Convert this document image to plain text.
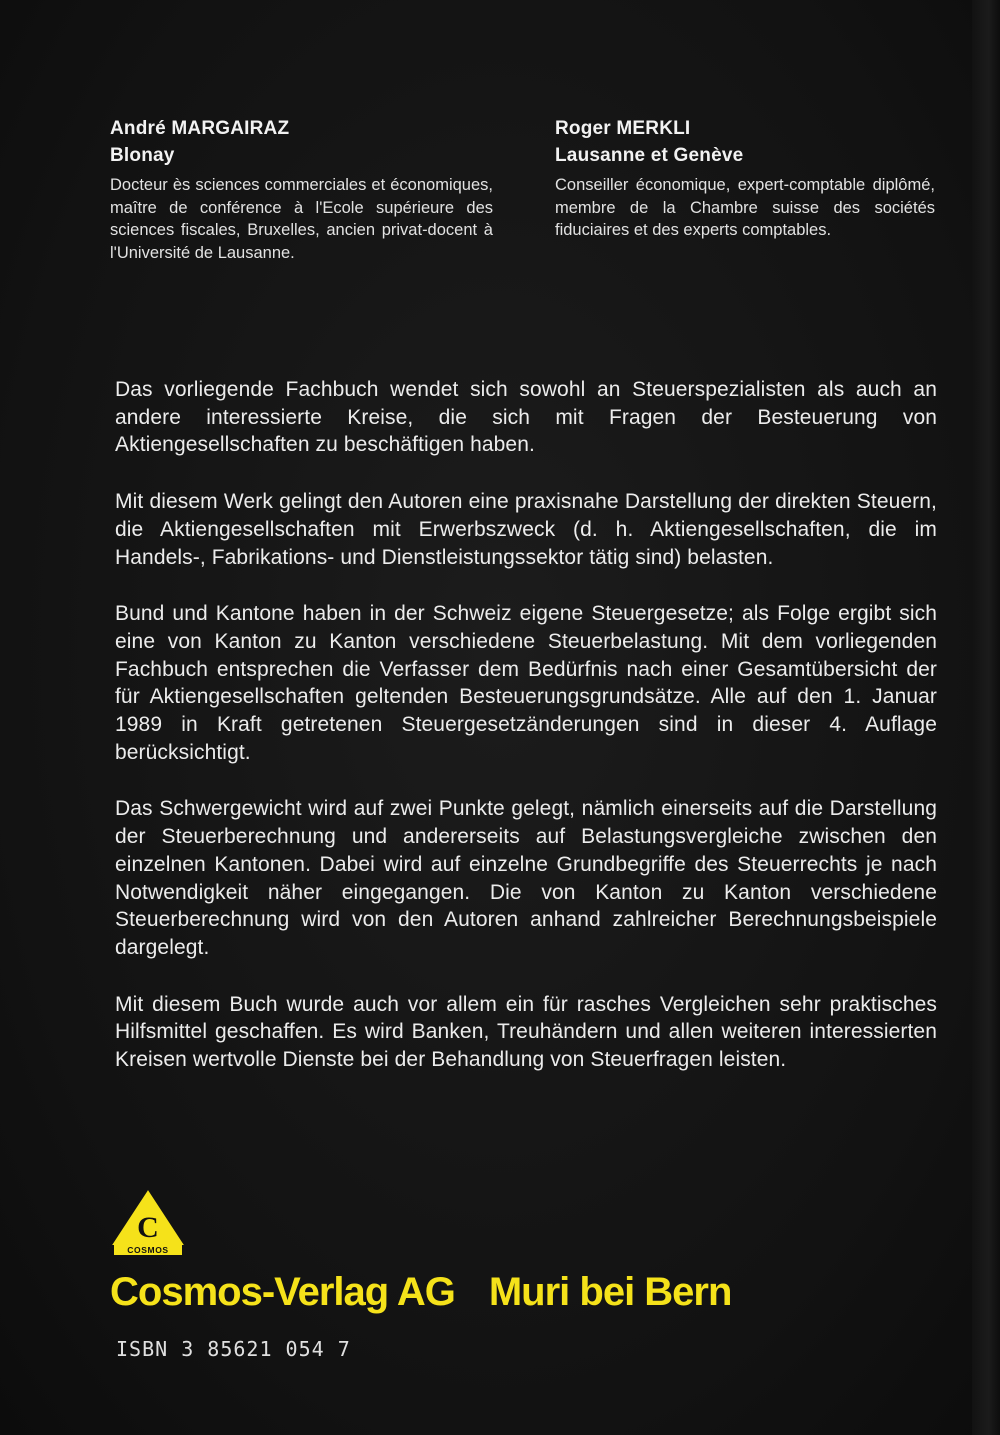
André MARGAIRAZ
Blonay
Docteur ès sciences commerciales et économiques, maître de conférence à l'Ecole supérieure des sciences fiscales, Bruxelles, ancien privat-docent à l'Université de Lausanne.
Roger MERKLI
Lausanne et Genève
Conseiller économique, expert-comptable diplômé, membre de la Chambre suisse des sociétés fiduciaires et des experts comptables.

Das vorliegende Fachbuch wendet sich sowohl an Steuerspezialisten als auch an andere interessierte Kreise, die sich mit Fragen der Besteuerung von Aktiengesellschaften zu beschäftigen haben.

Mit diesem Werk gelingt den Autoren eine praxisnahe Darstellung der direkten Steuern, die Aktiengesellschaften mit Erwerbszweck (d. h. Aktiengesellschaften, die im Handels-, Fabrikations- und Dienstleistungssektor tätig sind) belasten.

Bund und Kantone haben in der Schweiz eigene Steuergesetze; als Folge ergibt sich eine von Kanton zu Kanton verschiedene Steuerbelastung. Mit dem vorliegenden Fachbuch entsprechen die Verfasser dem Bedürfnis nach einer Gesamtübersicht der für Aktiengesellschaften geltenden Besteuerungsgrundsätze. Alle auf den 1. Januar 1989 in Kraft getretenen Steuergesetzänderungen sind in dieser 4. Auflage berücksichtigt.

Das Schwergewicht wird auf zwei Punkte gelegt, nämlich einerseits auf die Darstellung der Steuerberechnung und andererseits auf Belastungsvergleiche zwischen den einzelnen Kantonen. Dabei wird auf einzelne Grundbegriffe des Steuerrechts je nach Notwendigkeit näher eingegangen. Die von Kanton zu Kanton verschiedene Steuerberechnung wird von den Autoren anhand zahlreicher Berechnungsbeispiele dargelegt.

Mit diesem Buch wurde auch vor allem ein für rasches Vergleichen sehr praktisches Hilfsmittel geschaffen. Es wird Banken, Treuhändern und allen weiteren interessierten Kreisen wertvolle Dienste bei der Behandlung von Steuerfragen leisten.

C
COSMOS
Cosmos-Verlag AG Muri bei Bern
ISBN 3 85621 054 7
